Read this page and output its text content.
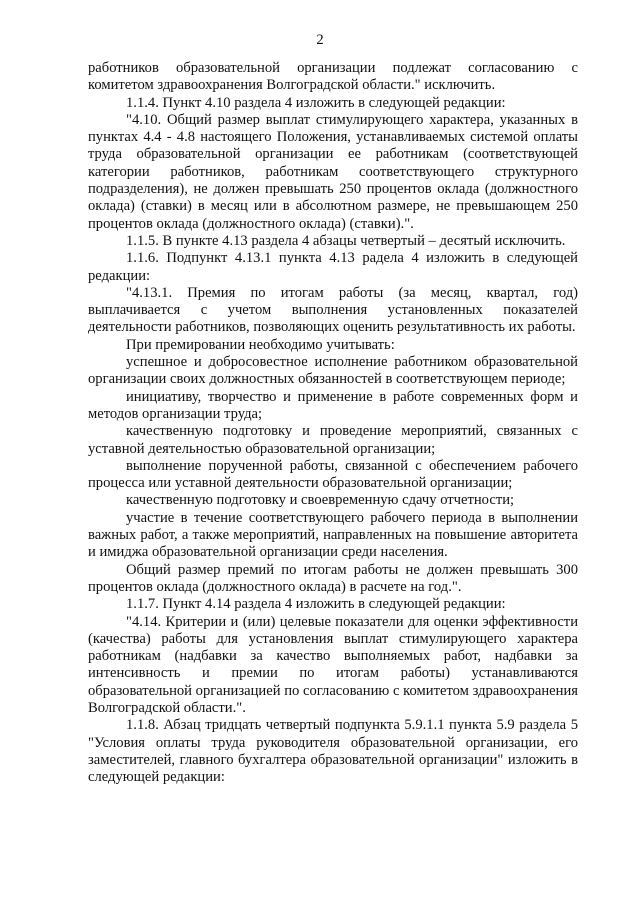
2

работников образовательной организации подлежат согласованию с комитетом здравоохранения Волгоградской области." исключить.

1.1.4. Пункт 4.10 раздела 4 изложить в следующей редакции:

"4.10. Общий размер выплат стимулирующего характера, указанных в пунктах 4.4 - 4.8 настоящего Положения, устанавливаемых системой оплаты труда образовательной организации ее работникам (соответствующей категории работников, работникам соответствующего структурного подразделения), не должен превышать 250 процентов оклада (должностного оклада) (ставки) в месяц или в абсолютном размере, не превышающем 250 процентов оклада (должностного оклада) (ставки).".

1.1.5. В пункте 4.13 раздела 4 абзацы четвертый – десятый исключить.

1.1.6. Подпункт 4.13.1 пункта 4.13 радела 4 изложить в следующей редакции:

"4.13.1. Премия по итогам работы (за месяц, квартал, год) выплачивается с учетом выполнения установленных показателей деятельности работников, позволяющих оценить результативность их работы.

При премировании необходимо учитывать:

успешное и добросовестное исполнение работником образовательной организации своих должностных обязанностей в соответствующем периоде;

инициативу, творчество и применение в работе современных форм и методов организации труда;

качественную подготовку и проведение мероприятий, связанных с уставной деятельностью образовательной организации;

выполнение порученной работы, связанной с обеспечением рабочего процесса или уставной деятельности образовательной организации;

качественную подготовку и своевременную сдачу отчетности;

участие в течение соответствующего рабочего периода в выполнении важных работ, а также мероприятий, направленных на повышение авторитета и имиджа образовательной организации среди населения.

Общий размер премий по итогам работы не должен превышать 300 процентов оклада (должностного оклада) в расчете на год.".

1.1.7. Пункт 4.14 раздела 4 изложить в следующей редакции:

"4.14. Критерии и (или) целевые показатели для оценки эффективности (качества) работы для установления выплат стимулирующего характера работникам (надбавки за качество выполняемых работ, надбавки за интенсивность и премии по итогам работы) устанавливаются образовательной организацией по согласованию с комитетом здравоохранения Волгоградской области.".

1.1.8. Абзац тридцать четвертый подпункта 5.9.1.1 пункта 5.9 раздела 5 "Условия оплаты труда руководителя образовательной организации, его заместителей, главного бухгалтера образовательной организации" изложить в следующей редакции:
